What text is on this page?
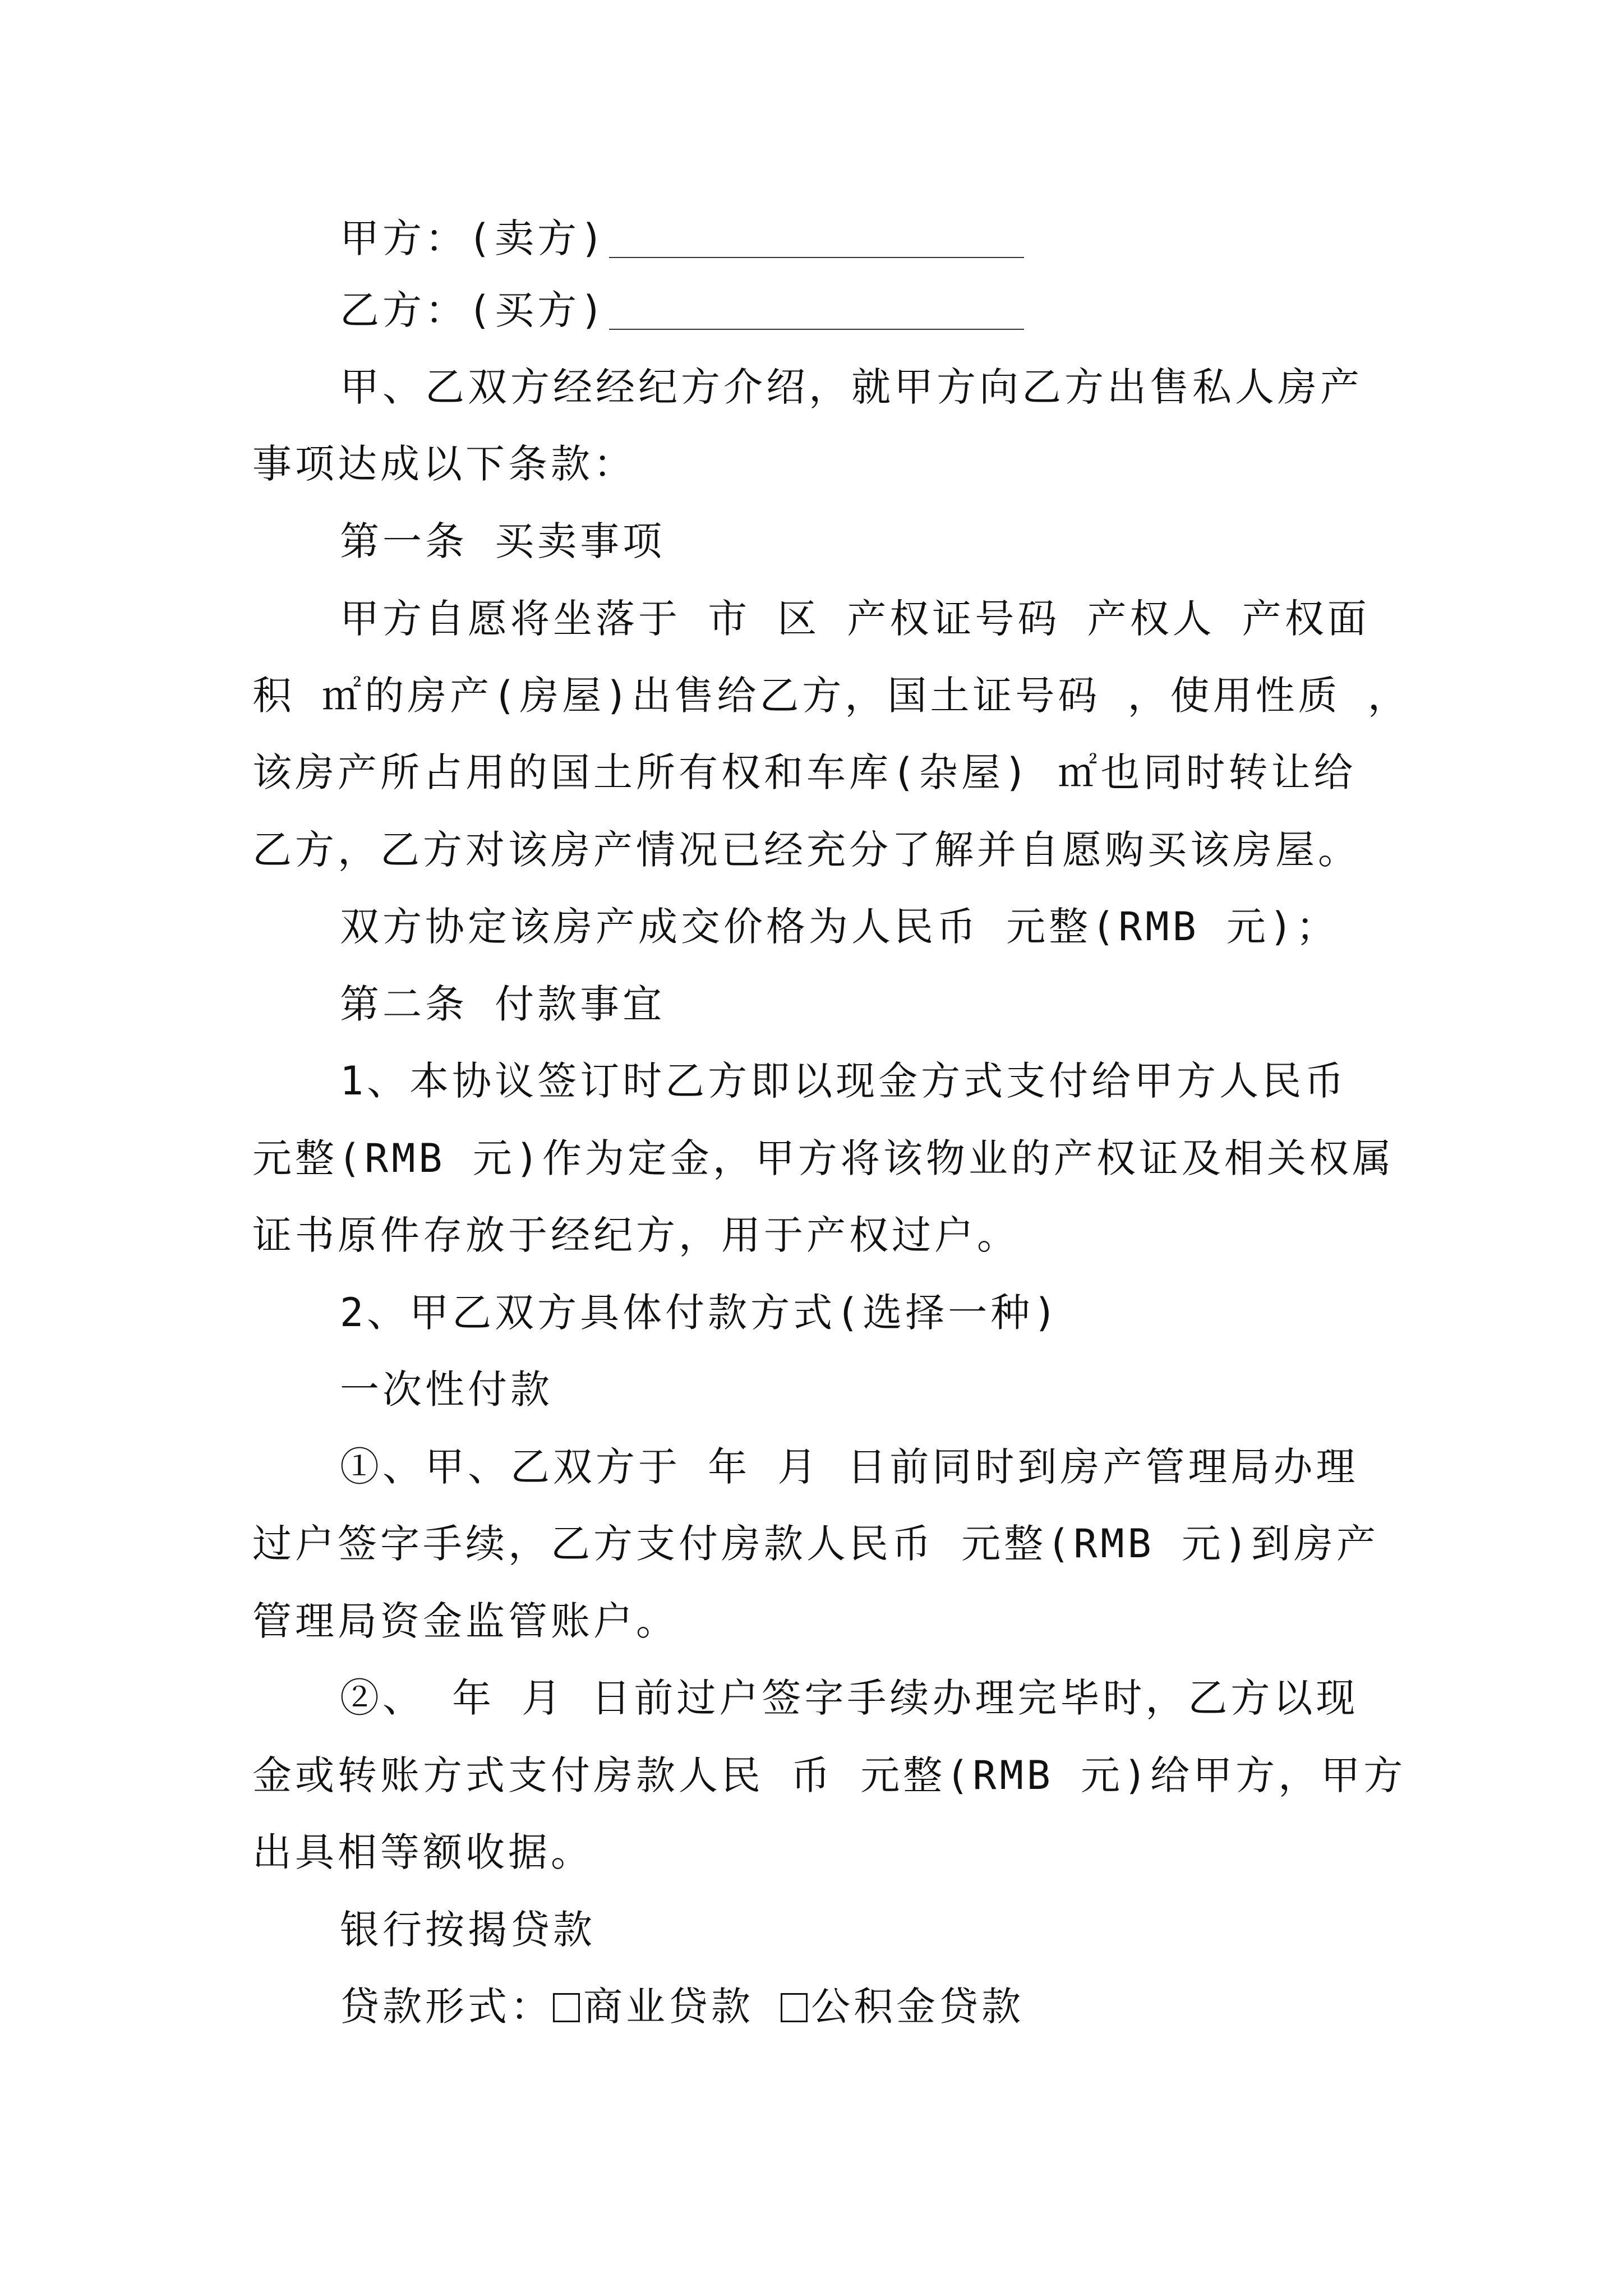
甲方：(卖方)
乙方：(买方)
甲、乙双方经经纪方介绍，就甲方向乙方出售私人房产
事项达成以下条款：
第一条 买卖事项
甲方自愿将坐落于 市 区 产权证号码 产权人 产权面
积 ㎡的房产(房屋)出售给乙方，国土证号码 ，使用性质 ，
该房产所占用的国土所有权和车库(杂屋) ㎡也同时转让给
乙方，乙方对该房产情况已经充分了解并自愿购买该房屋。
双方协定该房产成交价格为人民币 元整(RMB 元)；
第二条 付款事宜
1、本协议签订时乙方即以现金方式支付给甲方人民币
元整(RMB 元)作为定金，甲方将该物业的产权证及相关权属
证书原件存放于经纪方，用于产权过户。
2、甲乙双方具体付款方式(选择一种)
一次性付款
①、甲、乙双方于 年 月 日前同时到房产管理局办理
过户签字手续，乙方支付房款人民币 元整(RMB 元)到房产
管理局资金监管账户。
②、 年 月 日前过户签字手续办理完毕时，乙方以现
金或转账方式支付房款人民 币 元整(RMB 元)给甲方，甲方
出具相等额收据。
银行按揭贷款
贷款形式： 商业贷款 公积金贷款
